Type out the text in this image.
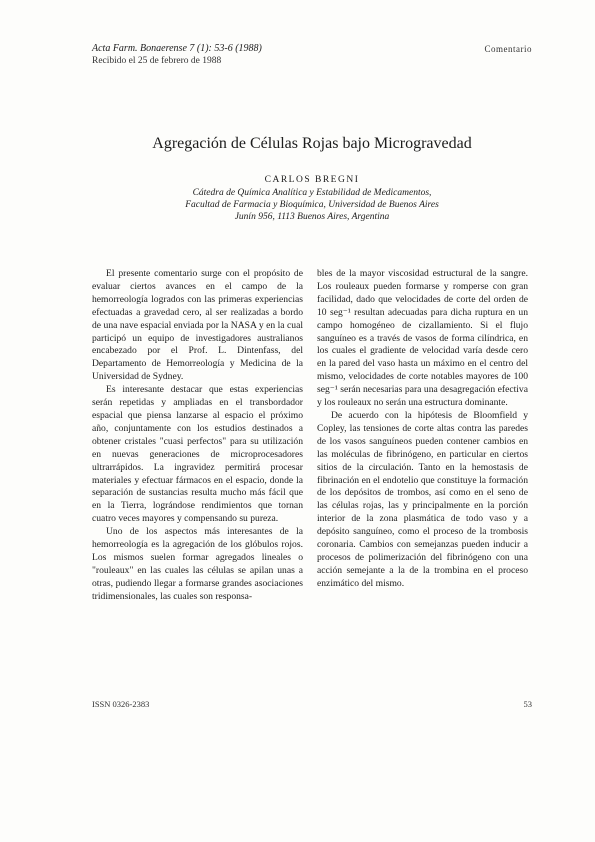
Acta Farm. Bonaerense 7 (1): 53-6 (1988)
Recibido el 25 de febrero de 1988
Comentario
Agregación de Células Rojas bajo Microgravedad
CARLOS BREGNI
Cátedra de Química Analítica y Estabilidad de Medicamentos,
Facultad de Farmacia y Bioquímica, Universidad de Buenos Aires
Junín 956, 1113 Buenos Aires, Argentina

El presente comentario surge con el propósito de evaluar ciertos avances en el campo de la hemorreología logrados con las primeras experiencias efectuadas a gravedad cero, al ser realizadas a bordo de una nave espacial enviada por la NASA y en la cual participó un equipo de investigadores australianos encabezado por el Prof. L. Dintenfass, del Departamento de Hemorreología y Medicina de la Universidad de Sydney.

Es interesante destacar que estas experiencias serán repetidas y ampliadas en el transbordador espacial que piensa lanzarse al espacio el próximo año, conjuntamente con los estudios destinados a obtener cristales "cuasi perfectos" para su utilización en nuevas generaciones de microprocesadores ultrarrápidos. La ingravidez permitirá procesar materiales y efectuar fármacos en el espacio, donde la separación de sustancias resulta mucho más fácil que en la Tierra, lográndose rendimientos que tornan cuatro veces mayores y compensando su pureza.

Uno de los aspectos más interesantes de la hemorreología es la agregación de los glóbulos rojos. Los mismos suelen formar agregados lineales o "rouleaux" en las cuales las células se apilan unas a otras, pudiendo llegar a formarse grandes asociaciones tridimensionales, las cuales son responsa-

bles de la mayor viscosidad estructural de la sangre. Los rouleaux pueden formarse y romperse con gran facilidad, dado que velocidades de corte del orden de 10 seg⁻¹ resultan adecuadas para dicha ruptura en un campo homogéneo de cizallamiento. Si el flujo sanguíneo es a través de vasos de forma cilíndrica, en los cuales el gradiente de velocidad varía desde cero en la pared del vaso hasta un máximo en el centro del mismo, velocidades de corte notables mayores de 100 seg⁻¹ serán necesarias para una desagregación efectiva y los rouleaux no serán una estructura dominante.

De acuerdo con la hipótesis de Bloomfield y Copley, las tensiones de corte altas contra las paredes de los vasos sanguíneos pueden contener cambios en las moléculas de fibrinógeno, en particular en ciertos sitios de la circulación. Tanto en la hemostasis de fibrinación en el endotelio que constituye la formación de los depósitos de trombos, así como en el seno de las células rojas, las y principalmente en la porción interior de la zona plasmática de todo vaso y a depósito sanguíneo, como el proceso de la trombosis coronaria. Cambios con semejanzas pueden inducir a procesos de polimerización del fibrinógeno con una acción semejante a la de la trombina en el proceso enzimático del mismo.

ISSN 0326-2383	53
